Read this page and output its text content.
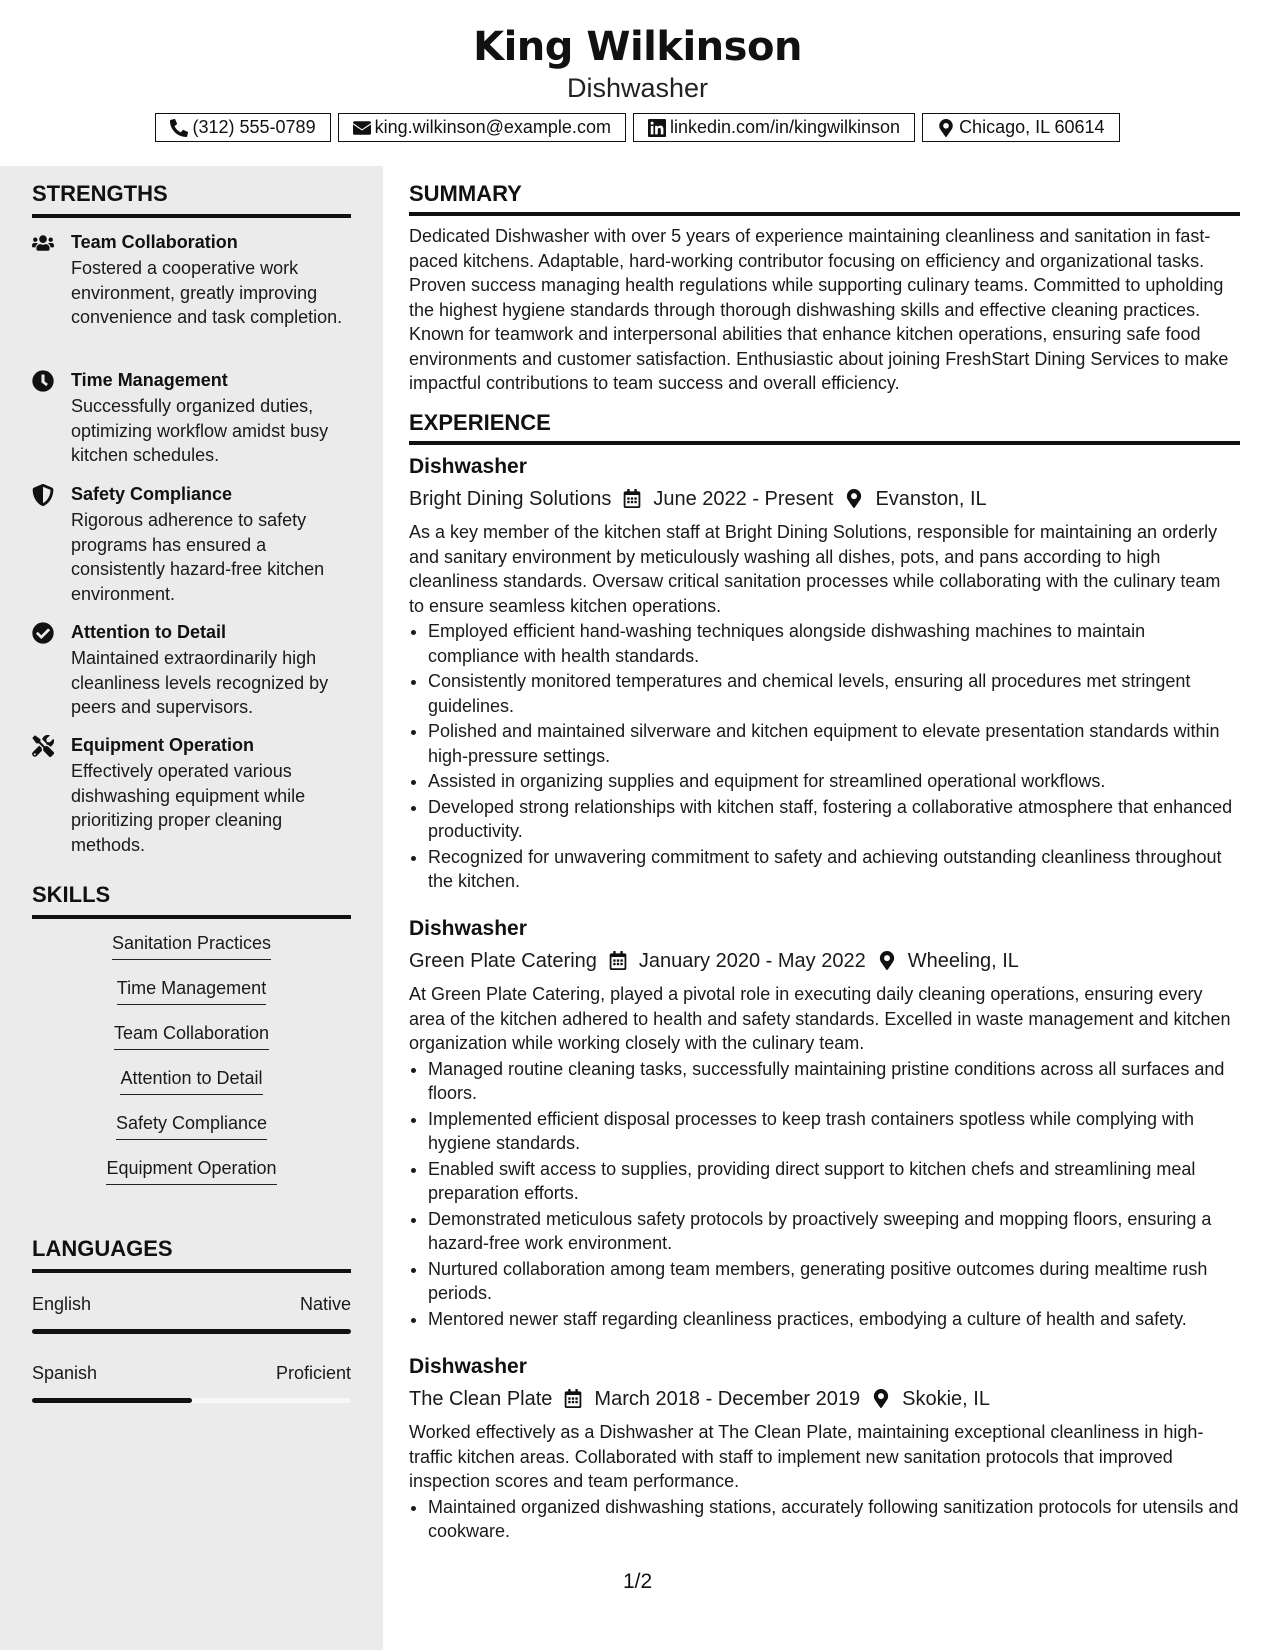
King Wilkinson
Dishwasher
(312) 555-0789	king.wilkinson@example.com	linkedin.com/in/kingwilkinson	Chicago, IL 60614
STRENGTHS
Team Collaboration
Fostered a cooperative work environment, greatly improving convenience and task completion.
Time Management
Successfully organized duties, optimizing workflow amidst busy kitchen schedules.
Safety Compliance
Rigorous adherence to safety programs has ensured a consistently hazard-free kitchen environment.
Attention to Detail
Maintained extraordinarily high cleanliness levels recognized by peers and supervisors.
Equipment Operation
Effectively operated various dishwashing equipment while prioritizing proper cleaning methods.
SKILLS
Sanitation Practices
Time Management
Team Collaboration
Attention to Detail
Safety Compliance
Equipment Operation
LANGUAGES
English	Native
Spanish	Proficient
SUMMARY

Dedicated Dishwasher with over 5 years of experience maintaining cleanliness and sanitation in fast-paced kitchens. Adaptable, hard-working contributor focusing on efficiency and organizational tasks. Proven success managing health regulations while supporting culinary teams. Committed to upholding the highest hygiene standards through thorough dishwashing skills and effective cleaning practices. Known for teamwork and interpersonal abilities that enhance kitchen operations, ensuring safe food environments and customer satisfaction. Enthusiastic about joining FreshStart Dining Services to make impactful contributions to team success and overall efficiency.

EXPERIENCE
Dishwasher
Bright Dining Solutions June 2022 - Present Evanston, IL

As a key member of the kitchen staff at Bright Dining Solutions, responsible for maintaining an orderly and sanitary environment by meticulously washing all dishes, pots, and pans according to high cleanliness standards. Oversaw critical sanitation processes while collaborating with the culinary team to ensure seamless kitchen operations.

• Employed efficient hand-washing techniques alongside dishwashing machines to maintain compliance with health standards.
• Consistently monitored temperatures and chemical levels, ensuring all procedures met stringent guidelines.
• Polished and maintained silverware and kitchen equipment to elevate presentation standards within high-pressure settings.
• Assisted in organizing supplies and equipment for streamlined operational workflows.
• Developed strong relationships with kitchen staff, fostering a collaborative atmosphere that enhanced productivity.
• Recognized for unwavering commitment to safety and achieving outstanding cleanliness throughout the kitchen.
Dishwasher
Green Plate Catering January 2020 - May 2022 Wheeling, IL

At Green Plate Catering, played a pivotal role in executing daily cleaning operations, ensuring every area of the kitchen adhered to health and safety standards. Excelled in waste management and kitchen organization while working closely with the culinary team.

• Managed routine cleaning tasks, successfully maintaining pristine conditions across all surfaces and floors.
• Implemented efficient disposal processes to keep trash containers spotless while complying with hygiene standards.
• Enabled swift access to supplies, providing direct support to kitchen chefs and streamlining meal preparation efforts.
• Demonstrated meticulous safety protocols by proactively sweeping and mopping floors, ensuring a hazard-free work environment.
• Nurtured collaboration among team members, generating positive outcomes during mealtime rush periods.
• Mentored newer staff regarding cleanliness practices, embodying a culture of health and safety.
Dishwasher
The Clean Plate March 2018 - December 2019 Skokie, IL

Worked effectively as a Dishwasher at The Clean Plate, maintaining exceptional cleanliness in high-traffic kitchen areas. Collaborated with staff to implement new sanitation protocols that improved inspection scores and team performance.

• Maintained organized dishwashing stations, accurately following sanitization protocols for utensils and cookware.
1/2
